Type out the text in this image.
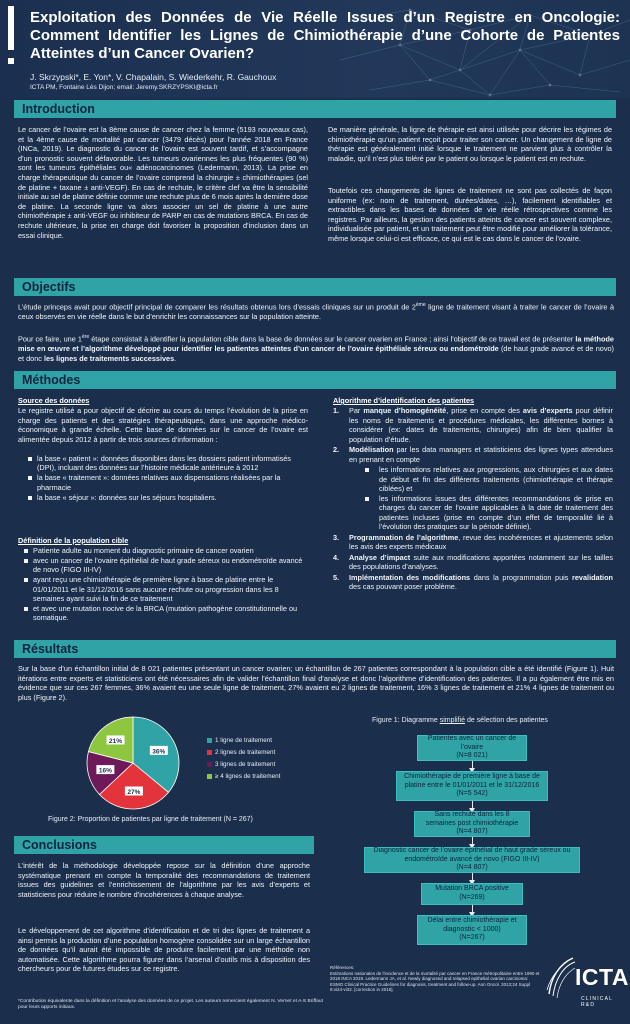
Exploitation des Données de Vie Réelle Issues d’un Registre en Oncologie: Comment Identifier les Lignes de Chimiothérapie d’une Cohorte de Patientes Atteintes d’un Cancer Ovarien?
J. Skrzypski*, E. Yon*, V. Chapalain, S. Wiederkehr, R. Gauchoux
ICTA PM, Fontaine Lès Dijon; email: Jeremy.SKRZYPSKI@icta.fr
Introduction
Le cancer de l’ovaire est la 8ème cause de cancer chez la femme (5193 nouveaux cas), et la 4ème cause de mortalité par cancer (3479 décès) pour l’année 2018 en France (INCa, 2019). Le diagnostic du cancer de l’ovaire est souvent tardif, et s’accompagne d’un pronostic souvent défavorable. Les tumeurs ovariennes les plus fréquentes (90 %) sont les tumeurs épithéliales ou« adénocarcinomes (Ledermann, 2013). La prise en charge thérapeutique du cancer de l’ovaire comprend la chirurgie ± chimiothérapies (sel de platine + taxane ± anti-VEGF). En cas de rechute, le critère clef va être la sensibilité initiale au sel de platine définie comme une rechute plus de 6 mois après la dernière dose de platine. La seconde ligne va alors associer un sel de platine à une autre chimiothérapie ± anti-VEGF ou inhibiteur de PARP en cas de mutations BRCA. En cas de rechute ultérieure, la prise en charge doit favoriser la proposition d’inclusion dans un essai clinique.
De manière générale, la ligne de thérapie est ainsi utilisée pour décrire les régimes de chimiothérapie qu’un patient reçoit pour traiter son cancer. Un changement de ligne de thérapie est généralement initié lorsque le traitement ne parvient plus à contrôler la maladie, qu’il n’est plus toléré par le patient ou lorsque le patient est en rechute.
Toutefois ces changements de lignes de traitement ne sont pas collectés de façon uniforme (ex: nom de traitement, durées/dates, …), facilement identifiables et extractibles dans les bases de données de vie réelle rétrospectives comme les registres. Par ailleurs, la gestion des patients atteints de cancer est souvent complexe, individualisée par patient, et un traitement peut être modifié pour améliorer la tolérance, même lorsque celui-ci est efficace, ce qui est le cas dans le cancer de l’ovaire.
Objectifs
L’étude princeps avait pour objectif principal de comparer les résultats obtenus lors d’essais cliniques sur un produit de 2ème ligne de traitement visant à traiter le cancer de l’ovaire à ceux observés en vie réelle dans le but d’enrichir les connaissances sur la population atteinte.
Pour ce faire, une 1ère étape consistait à identifier la population cible dans la base de données sur le cancer ovarien en France ; ainsi l’objectif de ce travail est de présenter la méthode mise en œuvre et l’algorithme développé pour identifier les patientes atteintes d’un cancer de l’ovaire épithéliale séreux ou endométroïde (de haut grade avancé et de novo) et donc les lignes de traitements successives.
Méthodes
Source des données
Le registre utilisé a pour objectif de décrire au cours du temps l’évolution de la prise en charge des patients et des stratégies thérapeutiques, dans une approche médico-économique à grande échelle. Cette base de données sur le cancer de l’ovaire est alimentée depuis 2012 à partir de trois sources d’information :
la base « patient »: données disponibles dans les dossiers patient informatisés (DPI), incluant des données sur l’histoire médicale antérieure à 2012
la base « traitement »: données relatives aux dispensations réalisées par la pharmacie
la base « séjour »: données sur les séjours hospitaliers.
Définition de la population cible
Patiente adulte au moment du diagnostic primaire de cancer ovarien
avec un cancer de l’ovaire épithélial de haut grade séreux ou endométroïde avancé de novo (FIGO III-IV)
ayant reçu une chimiothérapie de première ligne à base de platine entre le 01/01/2011 et le 31/12/2016 sans aucune rechute ou progression dans les 8 semaines ayant suivi la fin de ce traitement
et avec une mutation nocive de la BRCA (mutation pathogène constitutionnelle ou somatique.
Algorithme d’identification des patientes
1. Par manque d’homogénéité, prise en compte des avis d’experts pour définir les noms de traitements et procédures médicales, les différentes bornes à considérer (ex: dates de traitements, chirurgies) afin de bien qualifier la population d’étude.
2. Modélisation par les data managers et statisticiens des lignes types attendues en prenant en compte
les informations relatives aux progressions, aux chirurgies et aux dates de début et fin des différents traitements (chimiothérapie et thérapie ciblées) et
les informations issues des différentes recommandations de prise en charges du cancer de l’ovaire applicables à la date de traitement des patientes incluses (prise en compte d’un effet de temporalité lié à l’évolution des pratiques sur la période définie).
3. Programmation de l’algorithme, revue des incohérences et ajustements selon les avis des experts médicaux
4. Analyse d’impact suite aux modifications apportées notamment sur les tailles des populations d’analyses.
5. Implémentation des modifications dans la programmation puis revalidation des cas pouvant poser problème.
Résultats
Sur la base d’un échantillon initial de 8 021 patientes présentant un cancer ovarien; un échantillon de 267 patientes correspondant à la population cible a été identifié (Figure 1). Huit itérations entre experts et statisticiens ont été nécessaires afin de valider l’échantillon final d’analyse et donc l’algorithme d’identification des patientes. Il a pu également être mis en évidence que sur ces 267 femmes, 36% avaient eu une seule ligne de traitement, 27% avaient eu 2 lignes de traitement, 16% 3 lignes de traitement et 21% 4 lignes de traitement ou plus (Figure 2).
36%
27%
16%
21%	1 ligne de traitement
2 lignes de traitement
3 lignes de traitement
≥ 4 lignes de traitement
Figure 2: Proportion de patientes par ligne de traitement (N = 267)
Figure 1: Diagramme simplifié de sélection des patientes
Patientes avec un cancer de l’ovaire
(N=8 021)
Chimiothérapie de première ligne à base de platine entre le 01/01/2011 et le 31/12/2016
(N=5 542)
Sans rechute dans les 8 semaines post chimiothérapie
(N=4 807)
Diagnostic cancer de l’ovaire épithélial de haut grade séreux ou endométroïde avancé de novo (FIGO III-IV)
(N=4 807)
Mutation BRCA positive
(N=269)
Délai entre chimiothérapie et diagnostic < 1000)
(N=267)
Conclusions
L’intérêt de la méthodologie développée repose sur la définition d’une approche systématique prenant en compte la temporalité des recommandations de traitement issues des guidelines et l’enrichissement de l’algorithme par les avis d’experts et statisticiens pour réduire le nombre d’incohérences à chaque analyse.
Le développement de cet algorithme d’identification et de tri des lignes de traitement a ainsi permis la production d’une population homogène consolidée sur un large échantillon de données qu’il aurait été impossible de produire facilement par une méthode non automatisée. Cette algorithme pourra figurer dans l’arsenal d’outils mis à disposition des chercheurs pour de futures études sur ce registre.
*Contribution équivalente dans la définition et l’analyse des données de ce projet. Les auteurs remercient également N. Vernet et A-S Briffaut pour leurs apports initiaux.
Références:
Estimations nationales de l’incidence et de la mortalité par cancer en France métropolitaine entre 1990 et 2018 INCA 2019. Ledermann JA, et al. Newly diagnosed and relapsed epithelial ovarian carcinoma: ESMO Clinical Practice Guidelines for diagnosis, treatment and follow-up. Ann Oncol. 2013;24 Suppl 6:vi24-vi32. [correction in 2018].	ICTA
CLINICAL R&D
